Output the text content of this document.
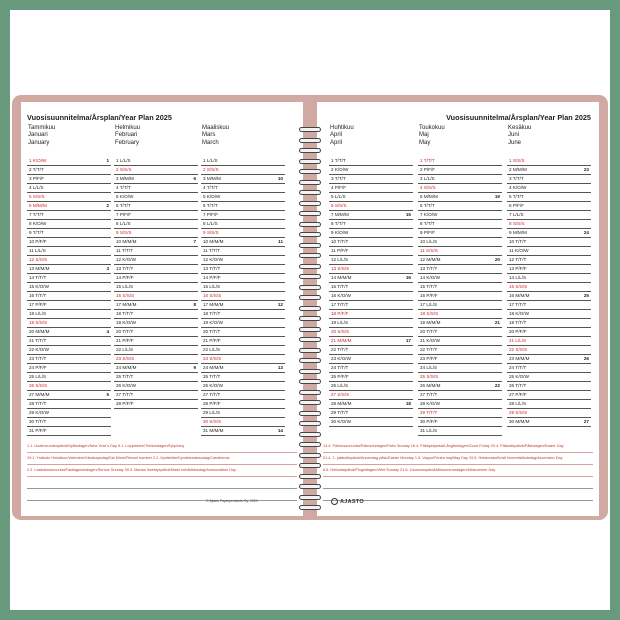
Vuosisuunnitelma/Årsplan/Year Plan 2025
1.1. Uudenvuodenpäivä/Nyårsdagen/New Year´s Day 6.1. Loppiainen/Trettondagen/Epiphany
19.1. Ystävän Heinäkuu/Valentine/Vänskapsdag/Dia Miroir/Rensel bomber 2.2. Kyntteliän/Kyndelsmässodag/Candlemas
2.3. Laskiaissunnuntai/Fastlagssöndagen/Shrove Sunday 30.3. Marian ilmestyspäivä/Marie bebådelsedag/Annunciation Day
© Ajasto Paperproducts Oy, 2024
Tammikuu
Januari
January
1 K/O/W	1
2 T/T/T
3 P/F/F
4 L/L/S
5 S/S/S
6 M/M/M	2
7 T/T/T
8 K/O/W
9 T/T/T
10 P/F/F
11 L/L/S
12 S/S/S
13 M/M/M	3
14 T/T/T
15 K/O/W
16 T/T/T
17 P/F/F
18 L/L/S
19 S/S/S
20 M/M/M	4
21 T/T/T
22 K/O/W
23 T/T/T
24 P/F/F
25 L/L/S
26 S/S/S
27 M/M/M	5
28 T/T/T
29 K/O/W
30 T/T/T
31 P/F/F
Helmikuu
Februari
February
1 L/L/S
2 S/S/S
3 M/M/M	6
4 T/T/T
5 K/O/W
6 T/T/T
7 P/F/F
8 L/L/S
9 S/S/S
10 M/M/M	7
11 T/T/T
12 K/O/W
13 T/T/T
14 P/F/F
15 L/L/S
16 S/S/S
17 M/M/M	8
18 T/T/T
19 K/O/W
20 T/T/T
21 P/F/F
22 L/L/S
23 S/S/S
24 M/M/M	9
25 T/T/T
26 K/O/W
27 T/T/T
28 P/F/F
Maaliskuu
Mars
March
1 L/L/S
2 S/S/S
3 M/M/M	10
4 T/T/T
5 K/O/W
6 T/T/T
7 P/F/F
8 L/L/S
9 S/S/S
10 M/M/M	11
11 T/T/T
12 K/O/W
13 T/T/T
14 P/F/F
15 L/L/S
16 S/S/S
17 M/M/M	12
18 T/T/T
19 K/O/W
20 T/T/T
21 P/F/F
22 L/L/S
23 S/S/S
24 M/M/M	13
25 T/T/T
26 K/O/W
27 T/T/T
28 P/F/F
29 L/L/S
30 S/S/S
31 M/M/M	14
Vuosisuunnitelma/Årsplan/Year Plan 2025
13.4. Palmusunnuntai/Palmsöndagen/Palm Sunday 18.4. Pitkäperjantai/Långfredagen/Good Friday 20.4. Pääsiäispäivä/Påskdagen/Easter Day
21.4. 2. pääsiäispäivä/Annandag påsk/Easter Monday 1.5. Vappu/Första maj/May Day 29.5. Helatorstai/Kristi himmelsfärdsdag/Ascension Day
8.6. Helluntaipäivä/Pingstdagen/Whit Sunday 21.6. Juhannuspäivä/Midsommardagen/Midsummer Day
AJASTO
Huhtikuu
April
April
1 T/T/T
2 K/O/W
3 T/T/T
4 P/F/F
5 L/L/S
6 S/S/S
7 M/M/M	15
8 T/T/T
9 K/O/W
10 T/T/T
11 P/F/F
12 L/L/S
13 S/S/S
14 M/M/M	16
15 T/T/T
16 K/O/W
17 T/T/T
18 P/F/F
19 L/L/S
20 S/S/S
21 M/M/M	17
22 T/T/T
23 K/O/W
24 T/T/T
25 P/F/F
26 L/L/S
27 S/S/S
28 M/M/M	18
29 T/T/T
30 K/O/W
Toukokuu
Maj
May
1 T/T/T
2 P/F/F
3 L/L/S
4 S/S/S
5 M/M/M	19
6 T/T/T
7 K/O/W
8 T/T/T
9 P/F/F
10 L/L/S
11 S/S/S
12 M/M/M	20
13 T/T/T
14 K/O/W
15 T/T/T
16 P/F/F
17 L/L/S
18 S/S/S
19 M/M/M	21
20 T/T/T
21 K/O/W
22 T/T/T
23 P/F/F
24 L/L/S
25 S/S/S
26 M/M/M	22
27 T/T/T
28 K/O/W
29 T/T/T
30 P/F/F
31 L/L/S
Kesäkuu
Juni
June
1 S/S/S
2 M/M/M	23
3 T/T/T
4 K/O/W
5 T/T/T
6 P/F/F
7 L/L/S
8 S/S/S
9 M/M/M	24
10 T/T/T
11 K/O/W
12 T/T/T
13 P/F/F
14 L/L/S
15 S/S/S
16 M/M/M	25
17 T/T/T
18 K/O/W
19 T/T/T
20 P/F/F
21 L/L/S
22 S/S/S
23 M/M/M	26
24 T/T/T
25 K/O/W
26 T/T/T
27 P/F/F
28 L/L/S
29 S/S/S
30 M/M/M	27
